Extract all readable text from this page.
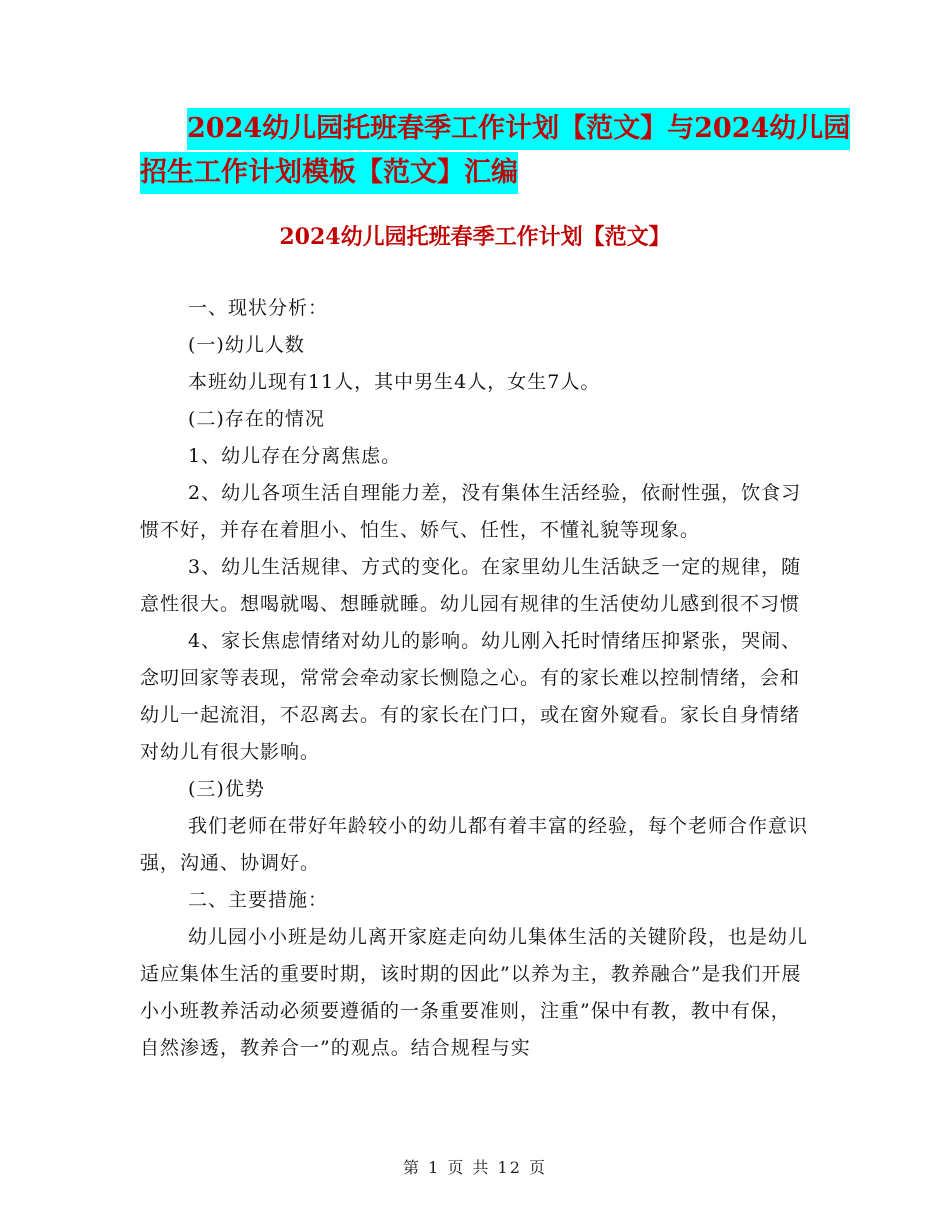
2024幼儿园托班春季工作计划【范文】与2024幼儿园
招生工作计划模板【范文】汇编
2024幼儿园托班春季工作计划【范文】

一、现状分析：

(一)幼儿人数

本班幼儿现有11人，其中男生4人，女生7人。

(二)存在的情况

1、幼儿存在分离焦虑。

2、幼儿各项生活自理能力差，没有集体生活经验，依耐性强，饮食习惯不好，并存在着胆小、怕生、娇气、任性，不懂礼貌等现象。

3、幼儿生活规律、方式的变化。在家里幼儿生活缺乏一定的规律，随意性很大。想喝就喝、想睡就睡。幼儿园有规律的生活使幼儿感到很不习惯

4、家长焦虑情绪对幼儿的影响。幼儿刚入托时情绪压抑紧张，哭闹、念叨回家等表现，常常会牵动家长恻隐之心。有的家长难以控制情绪，会和幼儿一起流泪，不忍离去。有的家长在门口，或在窗外窥看。家长自身情绪对幼儿有很大影响。

(三)优势

我们老师在带好年龄较小的幼儿都有着丰富的经验，每个老师合作意识强，沟通、协调好。

二、主要措施：

幼儿园小小班是幼儿离开家庭走向幼儿集体生活的关键阶段，也是幼儿适应集体生活的重要时期，该时期的因此”以养为主，教养融合”是我们开展小小班教养活动必须要遵循的一条重要准则，注重”保中有教，教中有保，自然渗透，教养合一”的观点。结合规程与实

第 1 页 共 12 页
